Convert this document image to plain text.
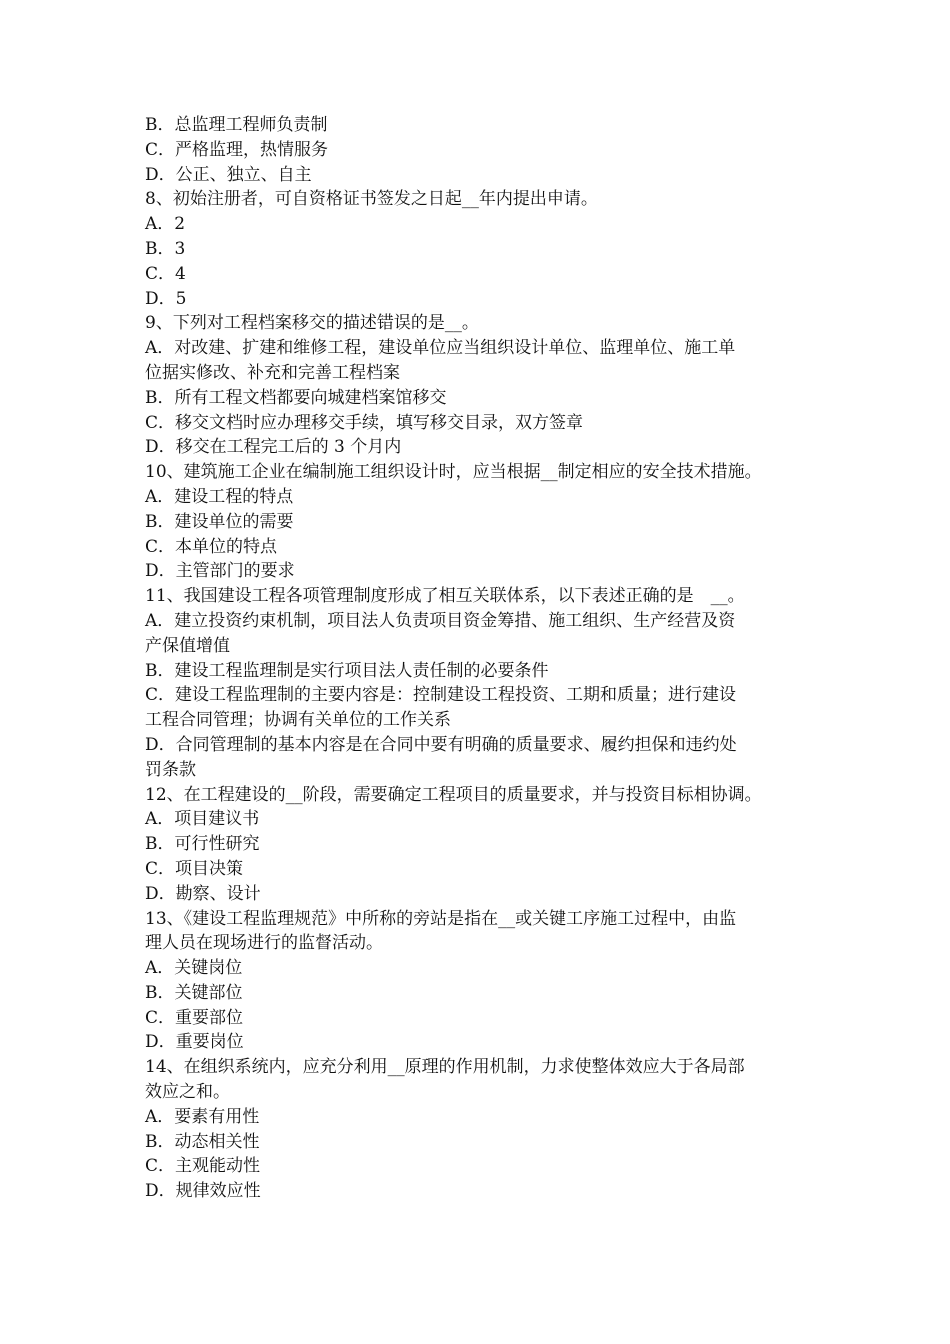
B．总监理工程师负责制
C．严格监理，热情服务
D．公正、独立、自主
8、初始注册者，可自资格证书签发之日起__年内提出申请。
A．2
B．3
C．4
D．5
9、下列对工程档案移交的描述错误的是__。
A．对改建、扩建和维修工程，建设单位应当组织设计单位、监理单位、施工单
位据实修改、补充和完善工程档案
B．所有工程文档都要向城建档案馆移交
C．移交文档时应办理移交手续，填写移交目录，双方签章
D．移交在工程完工后的 3 个月内
10、建筑施工企业在编制施工组织设计时，应当根据__制定相应的安全技术措施。
A．建设工程的特点
B．建设单位的需要
C．本单位的特点
D．主管部门的要求
11、我国建设工程各项管理制度形成了相互关联体系，以下表述正确的是　__。
A．建立投资约束机制，项目法人负责项目资金筹措、施工组织、生产经营及资
产保值增值
B．建设工程监理制是实行项目法人责任制的必要条件
C．建设工程监理制的主要内容是：控制建设工程投资、工期和质量；进行建设
工程合同管理；协调有关单位的工作关系
D．合同管理制的基本内容是在合同中要有明确的质量要求、履约担保和违约处
罚条款
12、在工程建设的__阶段，需要确定工程项目的质量要求，并与投资目标相协调。
A．项目建议书
B．可行性研究
C．项目决策
D．勘察、设计
13、《建设工程监理规范》中所称的旁站是指在__或关键工序施工过程中，由监
理人员在现场进行的监督活动。
A．关键岗位
B．关键部位
C．重要部位
D．重要岗位
14、在组织系统内，应充分利用__原理的作用机制，力求使整体效应大于各局部
效应之和。
A．要素有用性
B．动态相关性
C．主观能动性
D．规律效应性
